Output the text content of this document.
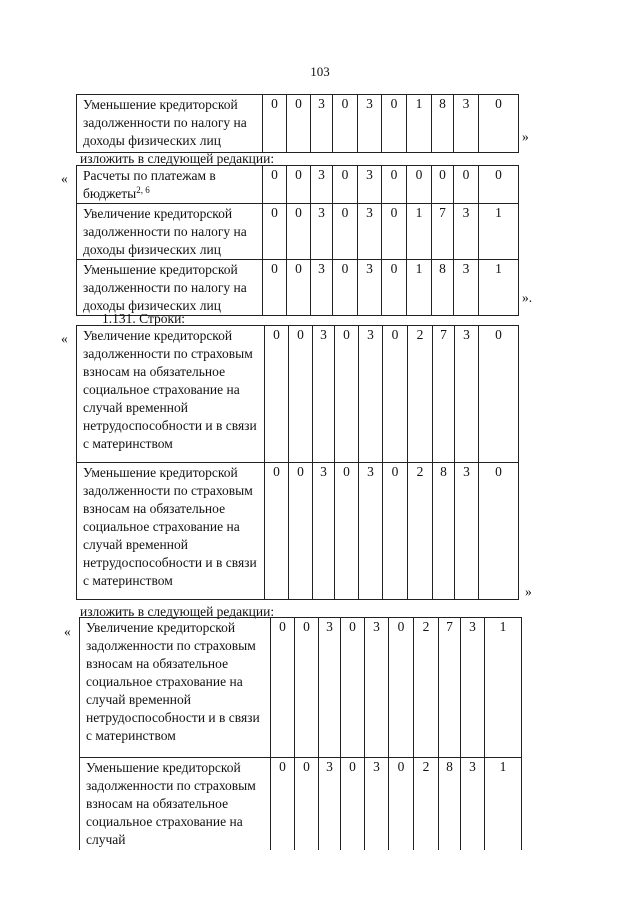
103
Уменьшение кредиторской задолженности по налогу на доходы физических лиц	0	0	3	0	3	0	1	8	3	0
»
изложить в следующей редакции:
« Расчеты по платежам в бюджеты$^{2, 6}$	0	0	3	0	3	0	0	0	0	0
Увеличение кредиторской задолженности по налогу на доходы физических лиц	0	0	3	0	3	0	1	7	3	1
Уменьшение кредиторской задолженности по налогу на доходы физических лиц	0	0	3	0	3	0	1	8	3	1
».
1.131. Строки:
« Увеличение кредиторской задолженности по страховым взносам на обязательное социальное страхование на случай временной нетрудоспособности и в связи с материнством	0	0	3	0	3	0	2	7	3	0
Уменьшение кредиторской задолженности по страховым взносам на обязательное социальное страхование на случай временной нетрудоспособности и в связи с материнством	0	0	3	0	3	0	2	8	3	0
»
изложить в следующей редакции:
« Увеличение кредиторской задолженности по страховым взносам на обязательное социальное страхование на случай временной нетрудоспособности и в связи с материнством	0	0	3	0	3	0	2	7	3	1
Уменьшение кредиторской задолженности по страховым взносам на обязательное социальное страхование на случай	0	0	3	0	3	0	2	8	3	1
